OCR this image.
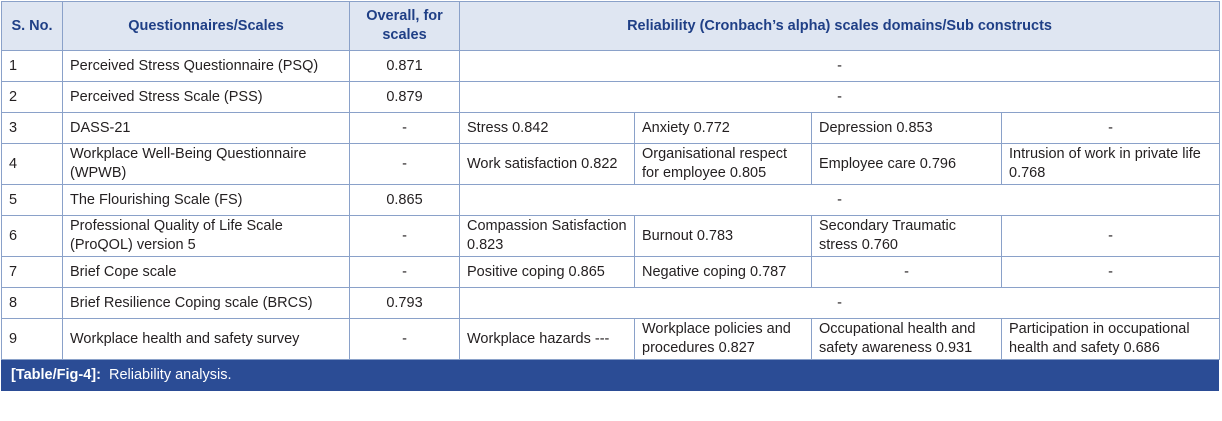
S. No.	Questionnaires/Scales	Overall, for scales	Reliability (Cronbach’s alpha) scales domains/Sub constructs			
1	Perceived Stress Questionnaire (PSQ)	0.871	-			
2	Perceived Stress Scale (PSS)	0.879	-			
3	DASS-21	-	Stress 0.842	Anxiety 0.772	Depression 0.853	-
4	Workplace Well-Being Questionnaire (WPWB)	-	Work satisfaction 0.822	Organisational respect for employee 0.805	Employee care 0.796	Intrusion of work in private life 0.768
5	The Flourishing Scale (FS)	0.865	-			
6	Professional Quality of Life Scale (ProQOL) version 5	-	Compassion Satisfaction 0.823	Burnout 0.783	Secondary Traumatic stress 0.760	-
7	Brief Cope scale	-	Positive coping 0.865	Negative coping 0.787	-	-
8	Brief Resilience Coping scale (BRCS)	0.793	-			
9	Workplace health and safety survey	-	Workplace hazards ---	Workplace policies and procedures 0.827	Occupational health and safety awareness 0.931	Participation in occupational health and safety 0.686
[Table/Fig-4]: Reliability analysis.
